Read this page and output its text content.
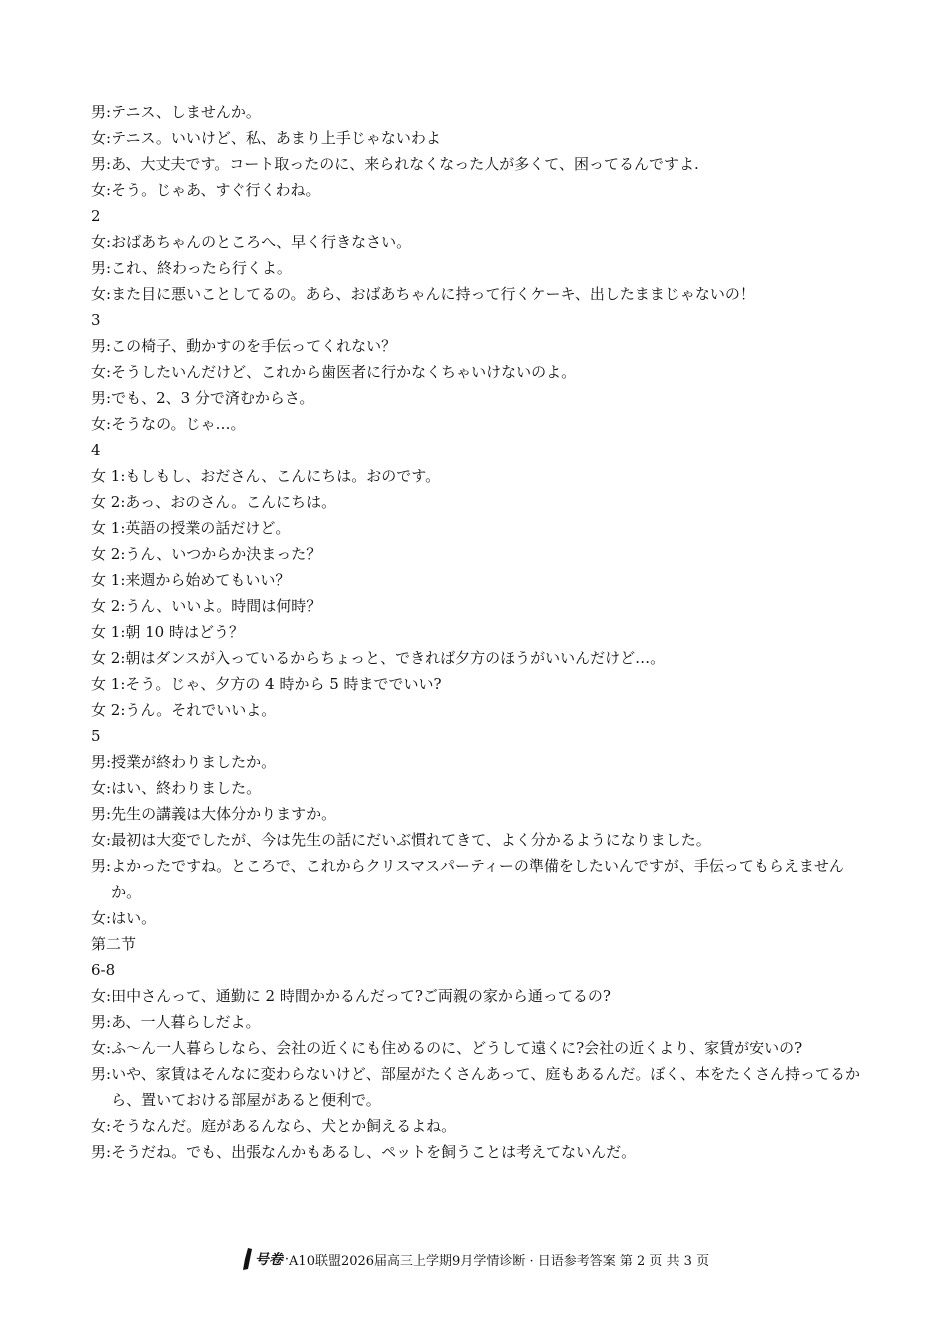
男 : テニス、しませんか。
女 : テニス。いいけど、私、あまり上手じゃないわよ
男 : あ、大丈夫です。コート取ったのに、来られなくなった人が多くて、困ってるんですよ.
女 : そう。じゃあ、すぐ行くわね。
2
女 : おばあちゃんのところへ、早く行きなさい。
男 : これ、終わったら行くよ。
女 : また目に悪いことしてるの。あら、おばあちゃんに持って行くケーキ、出したままじゃないの！
3
男 : この椅子、動かすのを手伝ってくれない？
女 : そうしたいんだけど、これから歯医者に行かなくちゃいけないのよ。
男 : でも、2、3 分で済むからさ。
女 : そうなの。じゃ…。
4
女 1 : もしもし、おださん、こんにちは。おのです。
女 2 : あっ、おのさん。こんにちは。
女 1 : 英語の授業の話だけど。
女 2 : うん、いつからか決まった？
女 1 : 来週から始めてもいい？
女 2 : うん、いいよ。時間は何時？
女 1 : 朝 10 時はどう？
女 2 : 朝はダンスが入っているからちょっと、できれば夕方のほうがいいんだけど…。
女 1 : そう。じゃ、夕方の 4 時から 5 時まででいい?
女 2 : うん。それでいいよ。
5
男 : 授業が終わりましたか。
女 : はい、終わりました。
男 : 先生の講義は大体分かりますか。
女 : 最初は大変でしたが、今は先生の話にだいぶ慣れてきて、よく分かるようになりました。
男 : よかったですね。ところで、これからクリスマスパーティーの準備をしたいんですが、手伝ってもらえませんか。
女 : はい。
第二节
6-8
女 : 田中さんって、通勤に 2 時間かかるんだって?ご両親の家から通ってるの?
男 : あ、一人暮らしだよ。
女 : ふ～ん一人暮らしなら、会社の近くにも住めるのに、どうして遠くに?会社の近くより、家賃が安いの?
男 : いや、家賃はそんなに変わらないけど、部屋がたくさんあって、庭もあるんだ。ぼく、本をたくさん持ってるから、置いておける部屋があると便利で。
女 : そうなんだ。庭があるんなら、犬とか飼えるよね。
男 : そうだね。でも、出張なんかもあるし、ペットを飼うことは考えてないんだ。
号卷 · A10联盟2026届高三上学期9月学情诊断 · 日语参考答案 第 2 页 共 3 页
